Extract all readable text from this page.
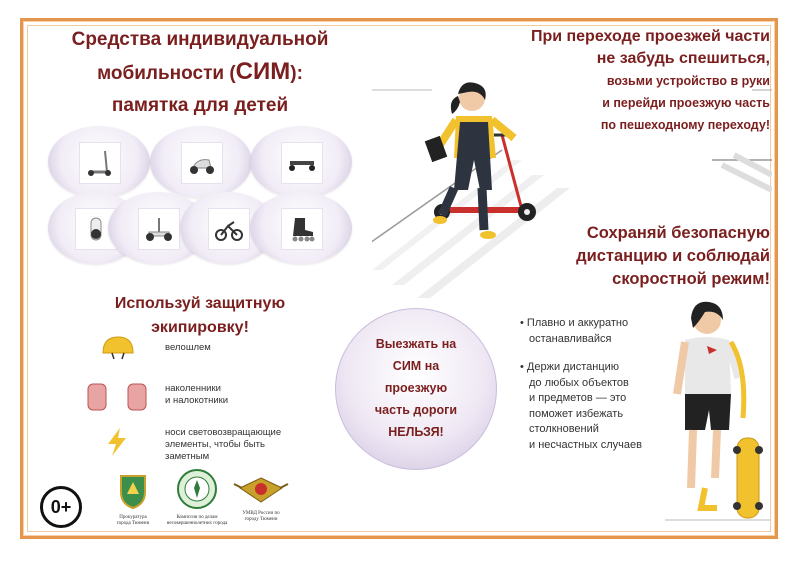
Средства индивидуальной
мобильности (СИМ):
памятка для детей
При переходе проезжей части
не забудь спешиться,
возьми устройство в руки
и перейди проезжую часть
по пешеходному переходу!
Используй защитную
экипировку!
велошлем
наколенники
и налокотники
носи световозвращающие
элементы, чтобы быть
заметным
Выезжать на
СИМ на
проезжую
часть дороги
НЕЛЬЗЯ!
Сохраняй безопасную
дистанцию и соблюдай
скоростной режим!
• Плавно и аккуратно
останавливайся
• Держи дистанцию
до любых объектов
и предметов — это
поможет избежать
столкновений
и несчастных случаев
0+
Прокуратура
города Тюмени
Комиссия по делам
несовершеннолетних города
УМВД России по
городу Тюмени
